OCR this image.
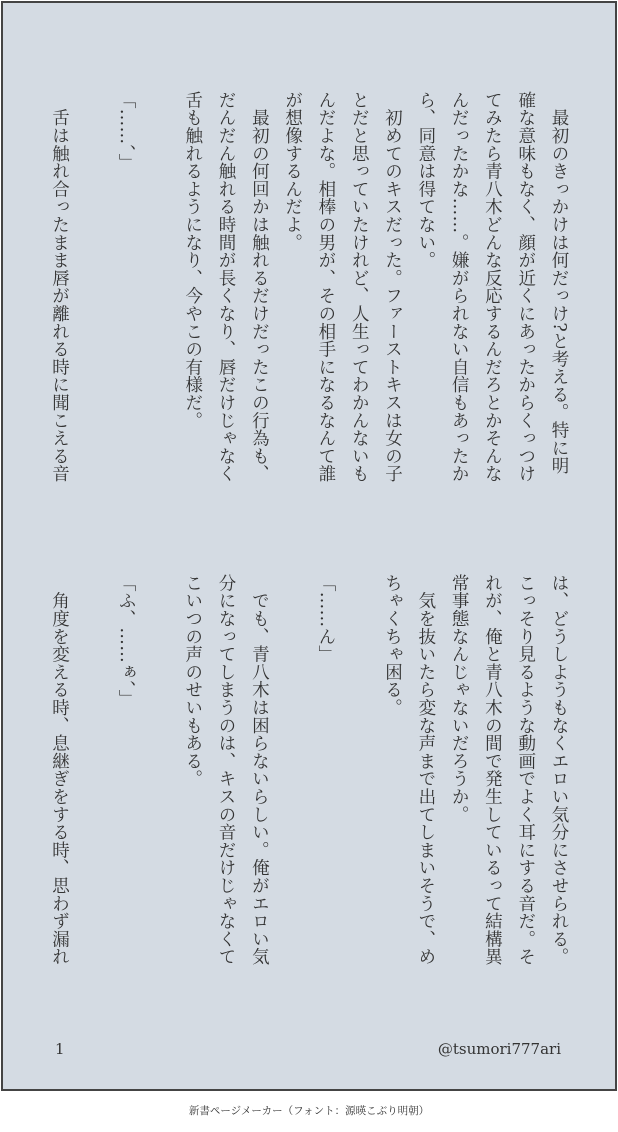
　最初のきっかけは何だっけ?と考える。特に明
確な意味もなく、顔が近くにあったからくっつけ
てみたら青八木どんな反応するんだろとかそんな
んだったかな……。嫌がられない自信もあったか
ら、同意は得てない。
　初めてのキスだった。ファーストキスは女の子
とだと思っていたけれど、人生ってわかんないも
んだよな。相棒の男が、その相手になるなんて誰
が想像するんだよ。
　最初の何回かは触れるだけだったこの行為も、
だんだん触れる時間が長くなり、唇だけじゃなく
舌も触れるようになり、今やこの有様だ。
「……、」
　舌は触れ合ったまま唇が離れる時に聞こえる音
は、どうしようもなくエロい気分にさせられる。
こっそり見るような動画でよく耳にする音だ。そ
れが、俺と青八木の間で発生しているって結構異
常事態なんじゃないだろうか。
　気を抜いたら変な声まで出てしまいそうで、め
ちゃくちゃ困る。
「……ん」
　でも、青八木は困らないらしい。俺がエロい気
分になってしまうのは、キスの音だけじゃなくて
こいつの声のせいもある。
「ふ、……ぁ、」
　角度を変える時、息継ぎをする時、思わず漏れ
1	@tsumori777ari
新書ページメーカー（フォント：源暎こぶり明朝）
